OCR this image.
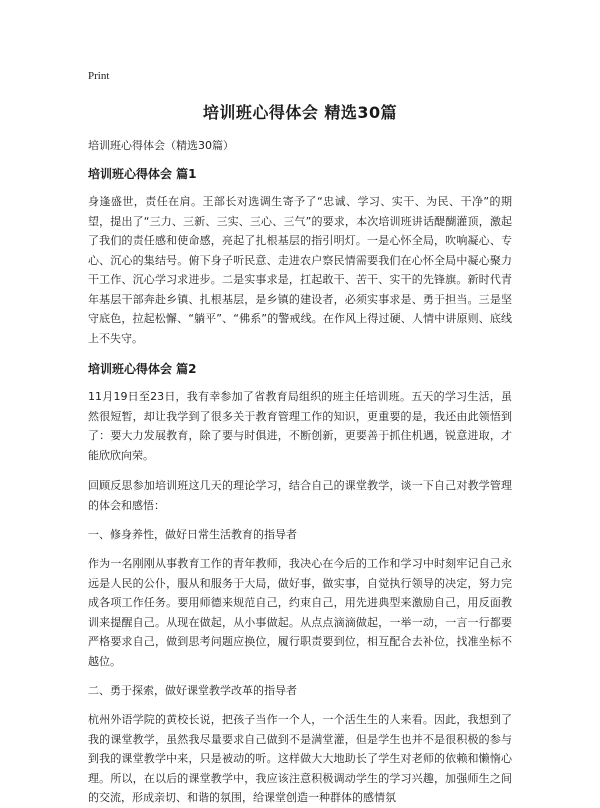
Print
培训班心得体会 精选30篇
培训班心得体会（精选30篇）
培训班心得体会 篇1

身逢盛世，责任在肩。王部长对选调生寄予了“忠诚、学习、实干、为民、干净”的期望，提出了“三力、三新、三实、三心、三气”的要求，本次培训班讲话醍醐灌顶，激起了我们的责任感和使命感，亮起了扎根基层的指引明灯。一是心怀全局，吹响凝心、专心、沉心的集结号。俯下身子听民意、走进农户察民情需要我们在心怀全局中凝心聚力干工作、沉心学习求进步。二是实事求是，扛起敢干、苦干、实干的先锋旗。新时代青年基层干部奔赴乡镇、扎根基层，是乡镇的建设者，必须实事求是、勇于担当。三是坚守底色，拉起松懈、“躺平”、“佛系”的警戒线。在作风上得过硬、人情中讲原则、底线上不失守。

培训班心得体会 篇2

11月19日至23日，我有幸参加了省教育局组织的班主任培训班。五天的学习生活，虽然很短暂，却让我学到了很多关于教育管理工作的知识，更重要的是，我还由此领悟到了：要大力发展教育，除了要与时俱进，不断创新，更要善于抓住机遇，锐意进取，才能欣欣向荣。

回顾反思参加培训班这几天的理论学习，结合自己的课堂教学，谈一下自己对教学管理的体会和感悟：

一、修身养性，做好日常生活教育的指导者

作为一名刚刚从事教育工作的青年教师，我决心在今后的工作和学习中时刻牢记自己永远是人民的公仆，服从和服务于大局，做好事，做实事，自觉执行领导的决定，努力完成各项工作任务。要用师德来规范自己，约束自己，用先进典型来激励自己，用反面教训来提醒自己。从现在做起，从小事做起。从点点滴滴做起，一举一动，一言一行都要严格要求自己，做到思考问题应换位，履行职责要到位，相互配合去补位，找准坐标不越位。

二、勇于探索，做好课堂教学改革的指导者

杭州外语学院的黄校长说，把孩子当作一个人，一个活生生的人来看。因此，我想到了我的课堂教学，虽然我尽量要求自己做到不是满堂灌，但是学生也并不是很积极的参与到我的课堂教学中来，只是被动的听。这样做大大地助长了学生对老师的依赖和懒惰心理。所以，在以后的课堂教学中，我应该注意积极调动学生的学习兴趣，加强师生之间的交流，形成亲切、和谐的氛围，给课堂创造一种群体的感情氛
